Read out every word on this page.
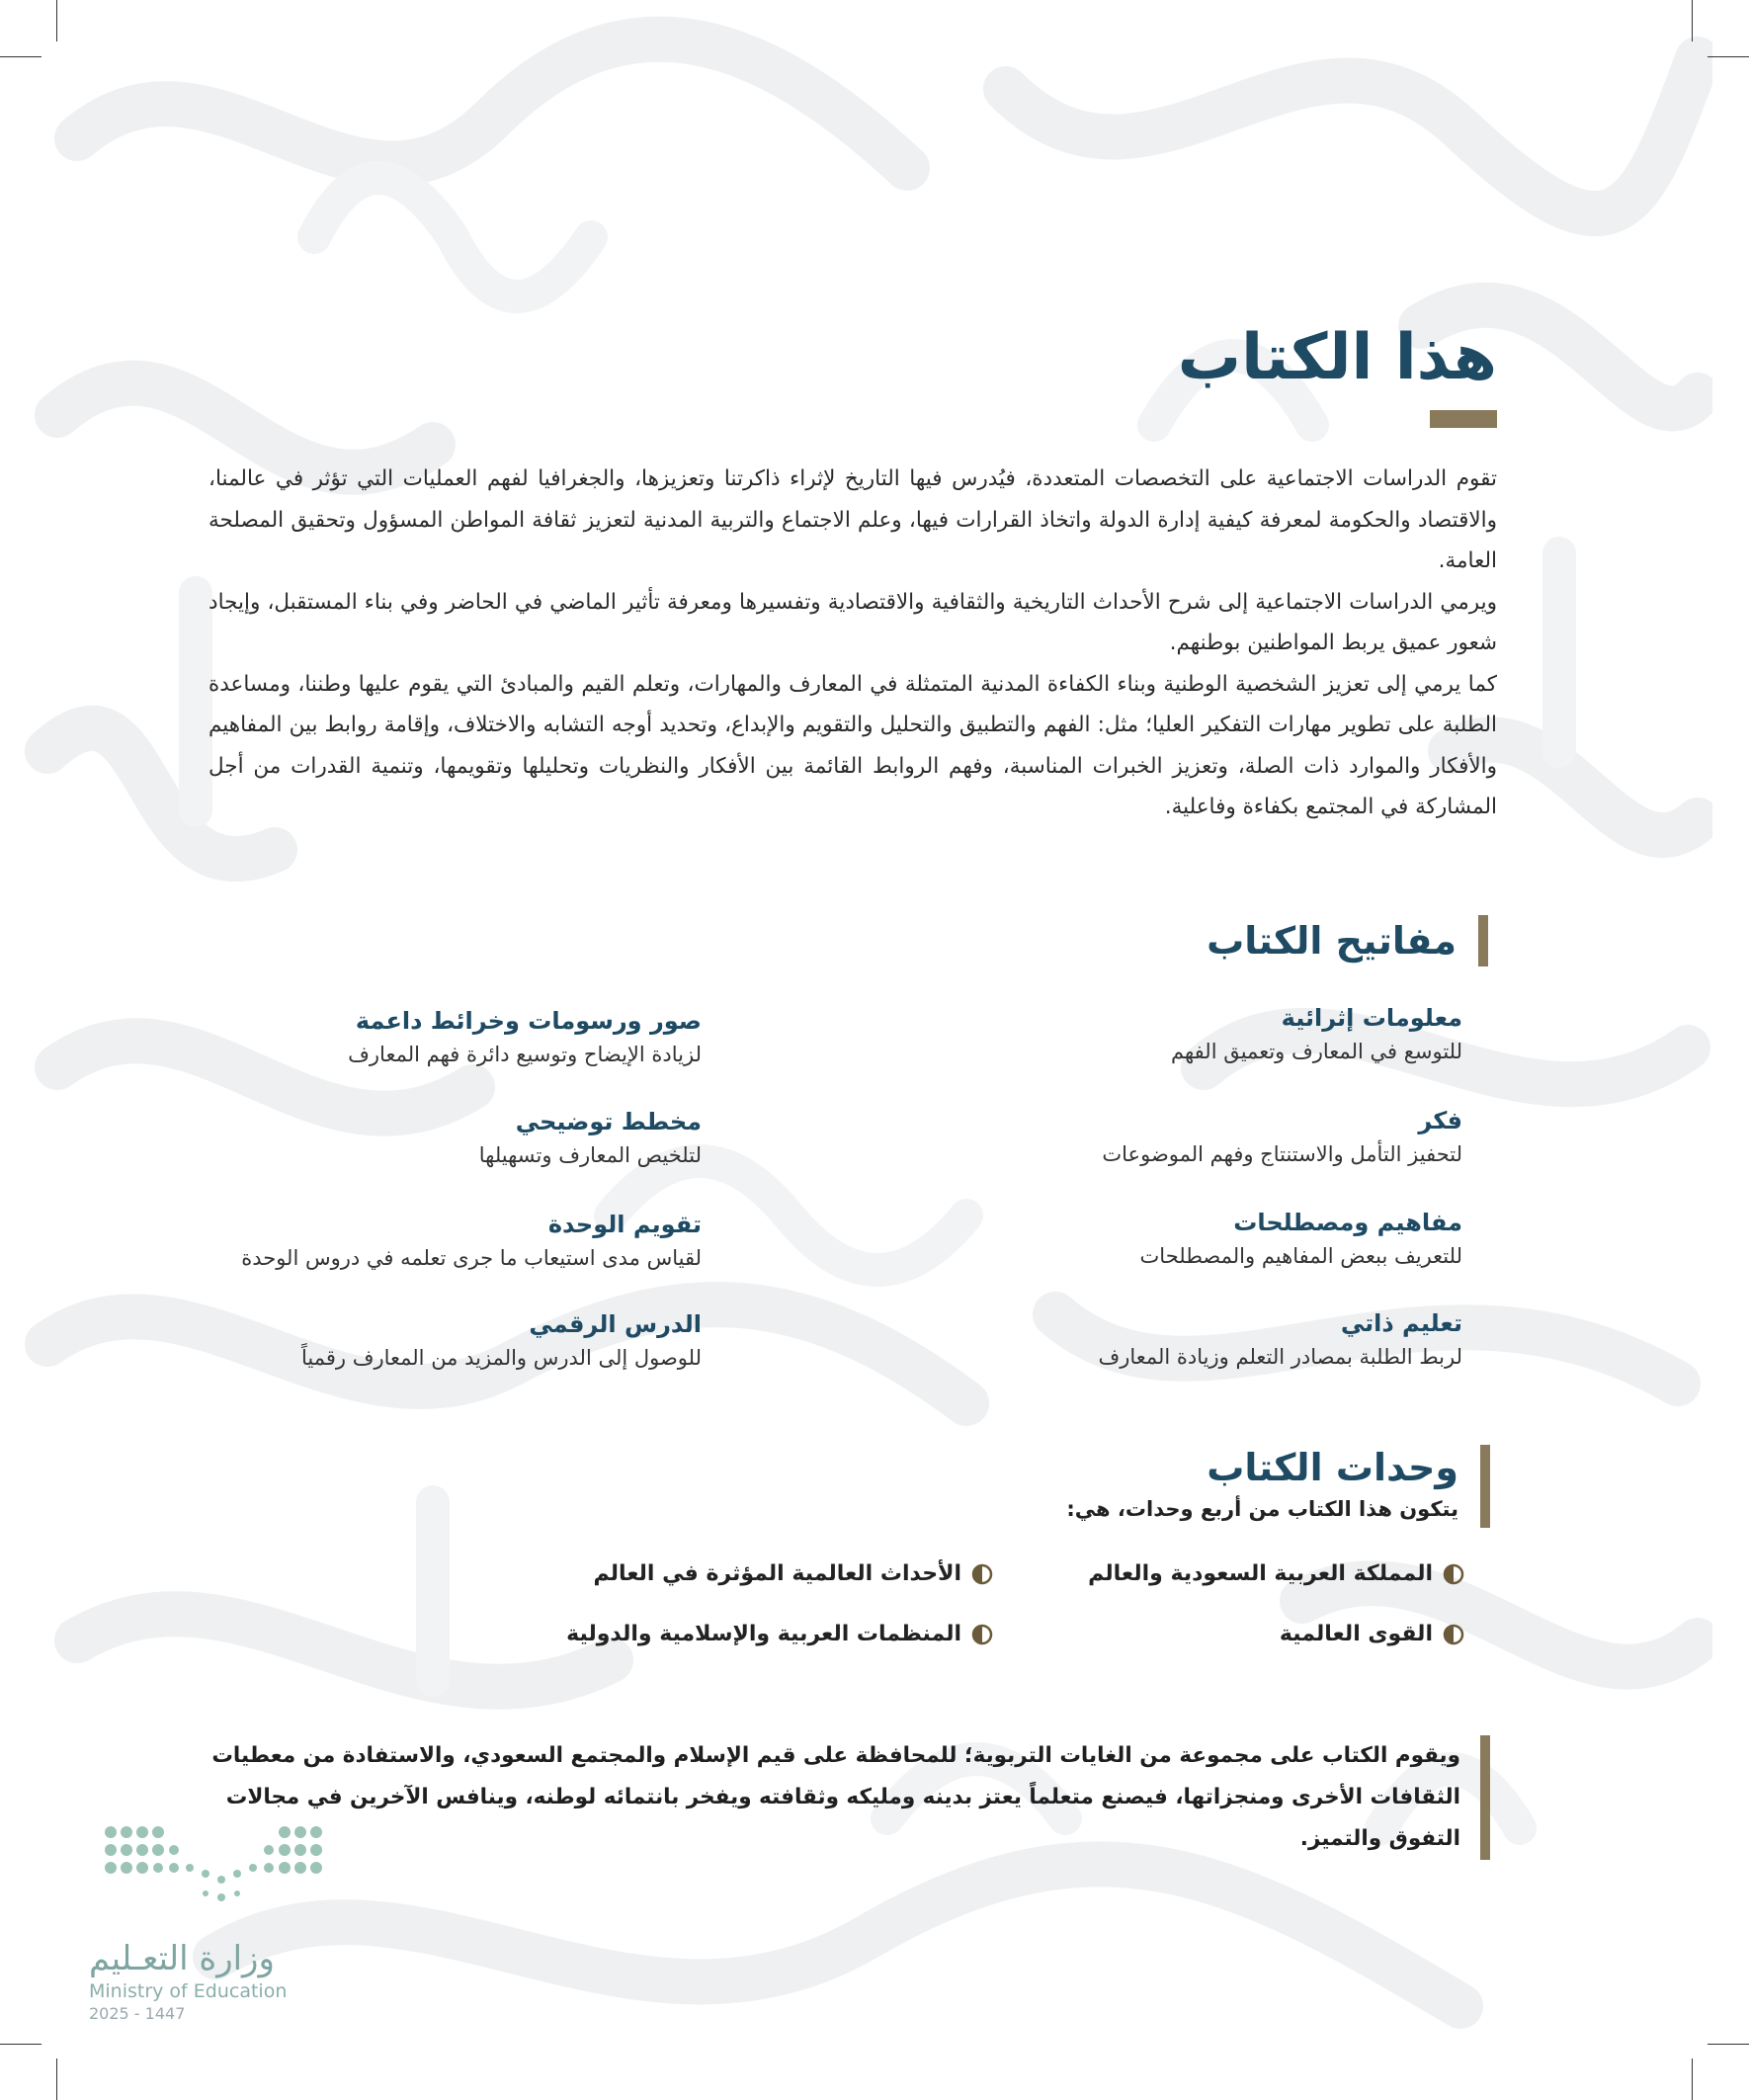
هذا الكتاب

تقوم الدراسات الاجتماعية على التخصصات المتعددة، فيُدرس فيها التاريخ لإثراء ذاكرتنا وتعزيزها، والجغرافيا لفهم العمليات التي تؤثر في عالمنا، والاقتصاد والحكومة لمعرفة كيفية إدارة الدولة واتخاذ القرارات فيها، وعلم الاجتماع والتربية المدنية لتعزيز ثقافة المواطن المسؤول وتحقيق المصلحة العامة.

ويرمي الدراسات الاجتماعية إلى شرح الأحداث التاريخية والثقافية والاقتصادية وتفسيرها ومعرفة تأثير الماضي في الحاضر وفي بناء المستقبل، وإيجاد شعور عميق يربط المواطنين بوطنهم.

كما يرمي إلى تعزيز الشخصية الوطنية وبناء الكفاءة المدنية المتمثلة في المعارف والمهارات، وتعلم القيم والمبادئ التي يقوم عليها وطننا، ومساعدة الطلبة على تطوير مهارات التفكير العليا؛ مثل: الفهم والتطبيق والتحليل والتقويم والإبداع، وتحديد أوجه التشابه والاختلاف، وإقامة روابط بين المفاهيم والأفكار والموارد ذات الصلة، وتعزيز الخبرات المناسبة، وفهم الروابط القائمة بين الأفكار والنظريات وتحليلها وتقويمها، وتنمية القدرات من أجل المشاركة في المجتمع بكفاءة وفاعلية.

مفاتيح الكتاب
معلومات إثرائية
للتوسع في المعارف وتعميق الفهم
فكر
لتحفيز التأمل والاستنتاج وفهم الموضوعات
مفاهيم ومصطلحات
للتعريف ببعض المفاهيم والمصطلحات
تعليم ذاتي
لربط الطلبة بمصادر التعلم وزيادة المعارف
صور ورسومات وخرائط داعمة
لزيادة الإيضاح وتوسيع دائرة فهم المعارف
مخطط توضيحي
لتلخيص المعارف وتسهيلها
تقويم الوحدة
لقياس مدى استيعاب ما جرى تعلمه في دروس الوحدة
الدرس الرقمي
للوصول إلى الدرس والمزيد من المعارف رقمياً
وحدات الكتاب

يتكون هذا الكتاب من أربع وحدات، هي:

المملكة العربية السعودية والعالم
الأحداث العالمية المؤثرة في العالم
القوى العالمية
المنظمات العربية والإسلامية والدولية

ويقوم الكتاب على مجموعة من الغايات التربوية؛ للمحافظة على قيم الإسلام والمجتمع السعودي، والاستفادة من معطيات الثقافات الأخرى ومنجزاتها، فيصنع متعلماً يعتز بدينه ومليكه وثقافته ويفخر بانتمائه لوطنه، وينافس الآخرين في مجالات التفوق والتميز.

وزارة التعـليم
Ministry of Education
2025 - 1447
